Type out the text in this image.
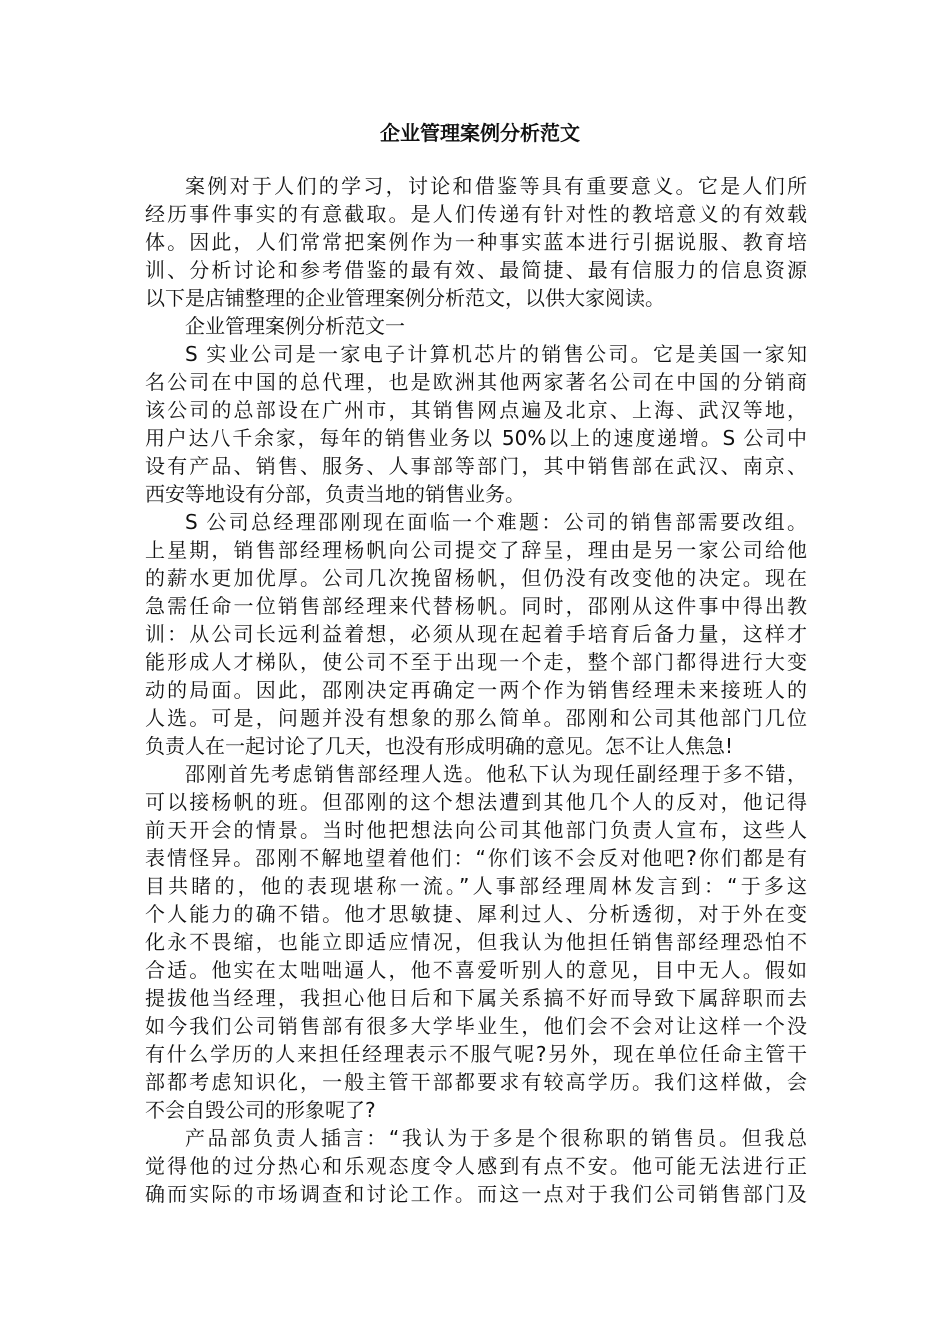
企业管理案例分析范文
案例对于人们的学习，讨论和借鉴等具有重要意义。它是人们所
经历事件事实的有意截取。是人们传递有针对性的教培意义的有效载
体。因此，人们常常把案例作为一种事实蓝本进行引据说服、教育培
训、分析讨论和参考借鉴的最有效、最简捷、最有信服力的信息资源
以下是店铺整理的企业管理案例分析范文，以供大家阅读。
企业管理案例分析范文一
S 实业公司是一家电子计算机芯片的销售公司。它是美国一家知
名公司在中国的总代理，也是欧洲其他两家著名公司在中国的分销商
该公司的总部设在广州市，其销售网点遍及北京、上海、武汉等地，
用户达八千余家，每年的销售业务以 50%以上的速度递增。S 公司中
设有产品、销售、服务、人事部等部门，其中销售部在武汉、南京、
西安等地设有分部，负责当地的销售业务。
S 公司总经理邵刚现在面临一个难题：公司的销售部需要改组。
上星期，销售部经理杨帆向公司提交了辞呈，理由是另一家公司给他
的薪水更加优厚。公司几次挽留杨帆，但仍没有改变他的决定。现在
急需任命一位销售部经理来代替杨帆。同时，邵刚从这件事中得出教
训：从公司长远利益着想，必须从现在起着手培育后备力量，这样才
能形成人才梯队，使公司不至于出现一个走，整个部门都得进行大变
动的局面。因此，邵刚决定再确定一两个作为销售经理未来接班人的
人选。可是，问题并没有想象的那么简单。邵刚和公司其他部门几位
负责人在一起讨论了几天，也没有形成明确的意见。怎不让人焦急!
邵刚首先考虑销售部经理人选。他私下认为现任副经理于多不错，
可以接杨帆的班。但邵刚的这个想法遭到其他几个人的反对，他记得
前天开会的情景。当时他把想法向公司其他部门负责人宣布，这些人
表情怪异。邵刚不解地望着他们：“你们该不会反对他吧?你们都是有
目共睹的，他的表现堪称一流。”人事部经理周林发言到：“于多这
个人能力的确不错。他才思敏捷、犀利过人、分析透彻，对于外在变
化永不畏缩，也能立即适应情况，但我认为他担任销售部经理恐怕不
合适。他实在太咄咄逼人，他不喜爱听别人的意见，目中无人。假如
提拔他当经理，我担心他日后和下属关系搞不好而导致下属辞职而去
如今我们公司销售部有很多大学毕业生，他们会不会对让这样一个没
有什么学历的人来担任经理表示不服气呢?另外，现在单位任命主管干
部都考虑知识化，一般主管干部都要求有较高学历。我们这样做，会
不会自毁公司的形象呢了?
产品部负责人插言：“我认为于多是个很称职的销售员。但我总
觉得他的过分热心和乐观态度令人感到有点不安。他可能无法进行正
确而实际的市场调查和讨论工作。而这一点对于我们公司销售部门及
